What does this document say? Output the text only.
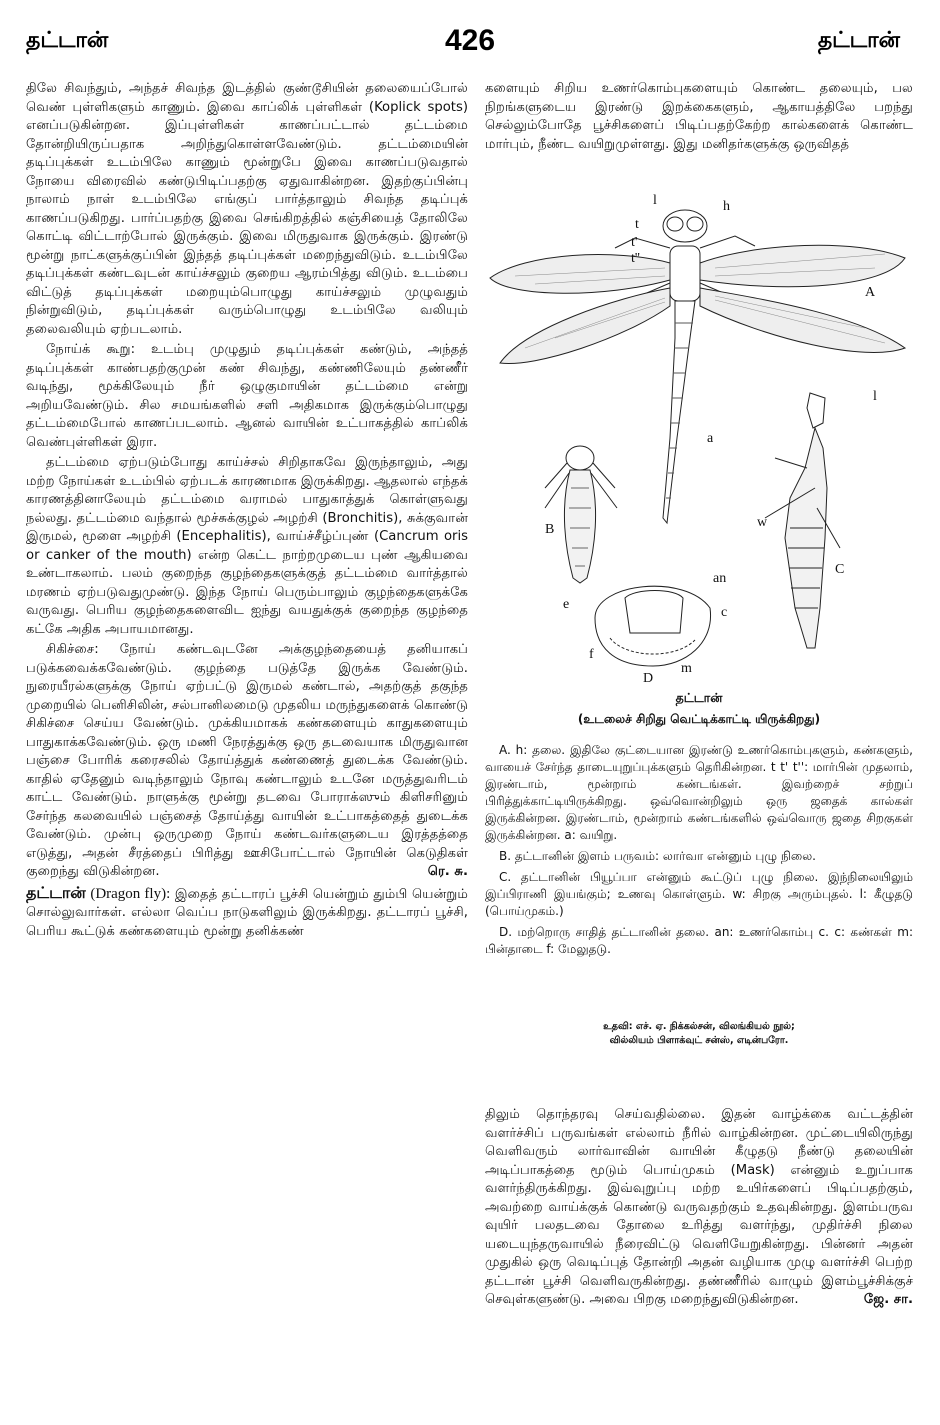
தட்டான்	426	தட்டான்

திலே சிவந்தும், அந்தச் சிவந்த இடத்தில் குண்டூசியின் தலையைப்போல் வெண் புள்ளிகளும் காணும். இவை காப்லிக் புள்ளிகள் (Koplick spots) எனப்படுகின்றன. இப்புள்ளிகள் காணப்பட்டால் தட்டம்மை தோன்றியிருப்பதாக அறிந்துகொள்ளவேண்டும். தட்டம்மையின் தடிப்புக்கள் உடம்பிலே காணும் மூன்றுபே இவை காணப்படுவதால் நோயை விரைவில் கண்டுபிடிப்பதற்கு ஏதுவாகின்றன. இதற்குப்பின்பு நாலாம் நாள் உடம்பிலே எங்குப் பார்த்தாலும் சிவந்த தடிப்புக் காணப்படுகிறது. பார்ப்பதற்கு இவை செங்கிறத்தில் கஞ்சியைத் தோலிலே கொட்டி விட்டாற்போல் இருக்கும். இவை மிருதுவாக இருக்கும். இரண்டு மூன்று நாட்களுக்குப்பின் இந்தத் தடிப்புக்கள் மறைந்துவிடும். உடம்பிலே தடிப்புக்கள் கண்டவுடன் காய்ச்சலும் குறைய ஆரம்பித்து விடும். உடம்பை விட்டுத் தடிப்புக்கள் மறையும்பொழுது காய்ச்சலும் முழுவதும் நின்றுவிடும், தடிப்புக்கள் வரும்பொழுது உடம்பிலே வலியும் தலைவலியும் ஏற்படலாம்.

நோய்க் கூறு: உடம்பு முழுதும் தடிப்புக்கள் கண்டும், அந்தத் தடிப்புக்கள் காண்பதற்குமுன் கண் சிவந்து, கண்ணிலேயும் தண்ணீர் வடிந்து, மூக்கிலேயும் நீர் ஒழுகுமாயின் தட்டம்மை என்று அறியவேண்டும். சில சமயங்களில் சளி அதிகமாக இருக்கும்பொழுது தட்டம்மைபோல் காணப்படலாம். ஆனல் வாயின் உட்பாகத்தில் காப்லிக் வெண்புள்ளிகள் இரா.

தட்டம்மை ஏற்படும்போது காய்ச்சல் சிறிதாகவே இருந்தாலும், அது மற்ற நோய்கள் உடம்பில் ஏற்படக் காரணமாக இருக்கிறது. ஆதலால் எந்தக் காரணத்தினாலேயும் தட்டம்மை வராமல் பாதுகாத்துக் கொள்ளுவது நல்லது. தட்டம்மை வந்தால் மூச்சுக்குழல் அழற்சி (Bronchitis), சுக்குவான் இருமல், மூளை அழற்சி (Encephalitis), வாய்ச்சீழ்ப்புண் (Cancrum oris or canker of the mouth) என்ற கெட்ட நாற்றமுடைய புண் ஆகியவை உண்டாகலாம். பலம் குறைந்த குழந்தைகளுக்குத் தட்டம்மை வார்த்தால் மரணம் ஏற்படுவதுமுண்டு. இந்த நோய் பெரும்பாலும் குழந்தைகளுக்கே வருவது. பெரிய குழந்தைகளைவிட ஐந்து வயதுக்குக் குறைந்த குழந்தை கட்கே அதிக அபாயமானது.

சிகிச்சை: நோய் கண்டவுடனே அக்குழந்தையைத் தனியாகப் படுக்கவைக்கவேண்டும். குழந்தை படுத்தே இருக்க வேண்டும். நுரையீரல்களுக்கு நோய் ஏற்பட்டு இருமல் கண்டால், அதற்குத் தகுந்த முறையில் பெனிசிலின், சல்பானிலமைடு முதலிய மருந்துகளைக் கொண்டு சிகிச்சை செய்ய வேண்டும். முக்கியமாகக் கண்களையும் காதுகளையும் பாதுகாக்கவேண்டும். ஒரு மணி நேரத்துக்கு ஒரு தடவையாக மிருதுவான பஞ்சை போரிக் கரைசலில் தோய்த்துக் கண்ணைத் துடைக்க வேண்டும். காதில் ஏதேனும் வடிந்தாலும் நோவு கண்டாலும் உடனே மருத்துவரிடம் காட்ட வேண்டும். நாளுக்கு மூன்று தடவை போராக்ஸும் கிளிசரினும் சேர்ந்த கலவையில் பஞ்சைத் தோய்த்து வாயின் உட்பாகத்தைத் துடைக்க வேண்டும். முன்பு ஒருமுறை நோய் கண்டவர்களுடைய இரத்தத்தை எடுத்து, அதன் சீரத்தைப் பிரித்து ஊசிபோட்டால் நோயின் கெடுதிகள் குறைந்து விடுகின்றன.	ரெ. சு.

தட்டான் (Dragon fly): இதைத் தட்டாரப் பூச்சி யென்றும் தும்பி யென்றும் சொல்லுவார்கள். எல்லா வெப்ப நாடுகளிலும் இருக்கிறது. தட்டாரப் பூச்சி, பெரிய கூட்டுக் கண்களையும் மூன்று தனிக்கண்

களையும் சிறிய உணர்கொம்புகளையும் கொண்ட தலையும், பல நிறங்களுடைய இரண்டு இறக்கைகளும், ஆகாயத்திலே பறந்து செல்லும்போதே பூச்சிகளைப் பிடிப்பதற்கேற்ற கால்களைக் கொண்ட மார்பும், நீண்ட வயிறுமுள்ளது. இது மனிதர்களுக்கு ஒருவிதத்

l	h
t
t'
t''
A
a
l
B	w
C
an
e
c
f
m
D
தட்டான்
(உடலைச் சிறிது வெட்டிக்காட்டி யிருக்கிறது)

A. h: தலை. இதிலே குட்டையான இரண்டு உணர்கொம்புகளும், கண்களும், வாயைச் சேர்ந்த தாடையுறுப்புக்களும் தெரிகின்றன. t t' t'': மார்பின் முதலாம், இரண்டாம், மூன்றாம் கண்டங்கள். இவற்றைச் சற்றுப் பிரித்துக்காட்டியிருக்கிறது. ஒவ்வொன்றிலும் ஒரு ஜதைக் கால்கள் இருக்கின்றன. இரண்டாம், மூன்றாம் கண்டங்களில் ஒவ்வொரு ஜதை சிறகுகள் இருக்கின்றன. a: வயிறு.

B. தட்டானின் இளம் பருவம்: லார்வா என்னும் புழு நிலை.

C. தட்டானின் பியூப்பா என்னும் கூட்டுப் புழு நிலை. இந்நிலையிலும் இப்பிராணி இயங்கும்; உணவு கொள்ளும். w: சிறகு அரும்புதல். l: கீழுதடு (பொய்முகம்.)

D. மற்றொரு சாதித் தட்டானின் தலை. an: உணர்கொம்பு c. c: கண்கள் m: பின்தாடை f: மேலுதடு.

உதவி: எச். ஏ. நிக்கல்சன், விலங்கியல் நூல்;
வில்லியம் பிளாக்வுட் சன்ஸ், எடின்பரோ.

திலும் தொந்தரவு செய்வதில்லை. இதன் வாழ்க்கை வட்டத்தின் வளர்ச்சிப் பருவங்கள் எல்லாம் நீரில் வாழ்கின்றன. முட்டையிலிருந்து வெளிவரும் லார்வாவின் வாயின் கீழுதடு நீண்டு தலையின் அடிப்பாகத்தை மூடும் பொய்முகம் (Mask) என்னும் உறுப்பாக வளர்ந்திருக்கிறது. இவ்வுறுப்பு மற்ற உயிர்களைப் பிடிப்பதற்கும், அவற்றை வாய்க்குக் கொண்டு வருவதற்கும் உதவுகின்றது. இளம்பருவ வுயிர் பலதடவை தோலை உரித்து வளர்ந்து, முதிர்ச்சி நிலை யடையுந்தருவாயில் நீரைவிட்டு வெளியேறுகின்றது. பின்னர் அதன் முதுகில் ஒரு வெடிப்புத் தோன்றி அதன் வழியாக முழு வளர்ச்சி பெற்ற தட்டான் பூச்சி வெளிவருகின்றது. தண்ணீரில் வாழும் இளம்பூச்சிக்குச் செவுள்களுண்டு. அவை பிறகு மறைந்துவிடுகின்றன.	ஜே. சா.
